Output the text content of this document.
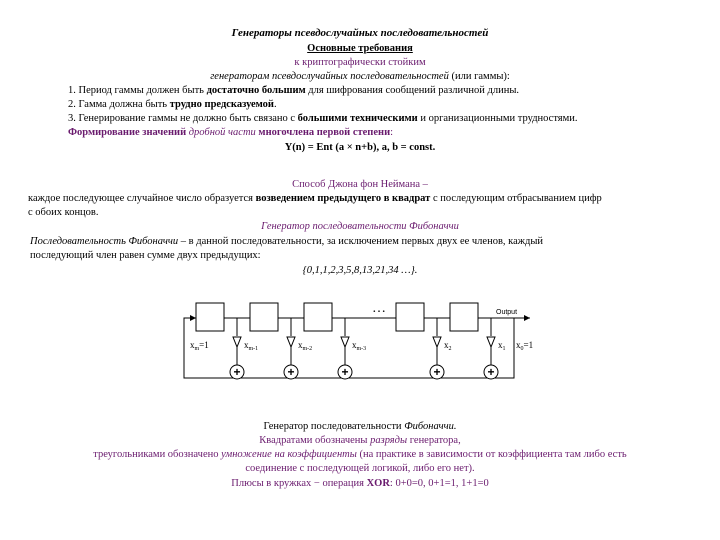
Генераторы псевдослучайных последовательностей
Основные требования
к криптографически стойким
генераторам псевдослучайных последовательностей (или гаммы):
1. Период гаммы должен быть достаточно большим для шифрования сообщений различной длины.
2. Гамма должна быть трудно предсказуемой.
3. Генерирование гаммы не должно быть связано с большими техническими и организационными трудностями.
Формирование значений дробной части многочлена первой степени:
Y(n) = Ent (a × n+b), a, b = const.
Способ Джона фон Неймана –
каждое последующее случайное число образуется возведением предыдущего в квадрат с последующим отбрасыванием цифр
с обоих концов.
Генератор последовательности Фибоначчи
Последовательность Фибоначчи – в данной последовательности, за исключением первых двух ее членов, каждый
последующий член равен сумме двух предыдущих:
{0,1,1,2,3,5,8,13,21,34 …}.
+	+	+	+	+
…	Output
$x_m=1$	$x_{m-1}$	$x_{m-2}$	$x_{m-3}$	$x_2$	$x_1$ $x_0=1$
Генератор последовательности Фибоначчи.
Квадратами обозначены разряды генератора,
треугольниками обозначено умножение на коэффициенты (на практике в зависимости от коэффициента там либо есть
соединение с последующей логикой, либо его нет).
Плюсы в кружках − операция XOR: 0+0=0, 0+1=1, 1+1=0
